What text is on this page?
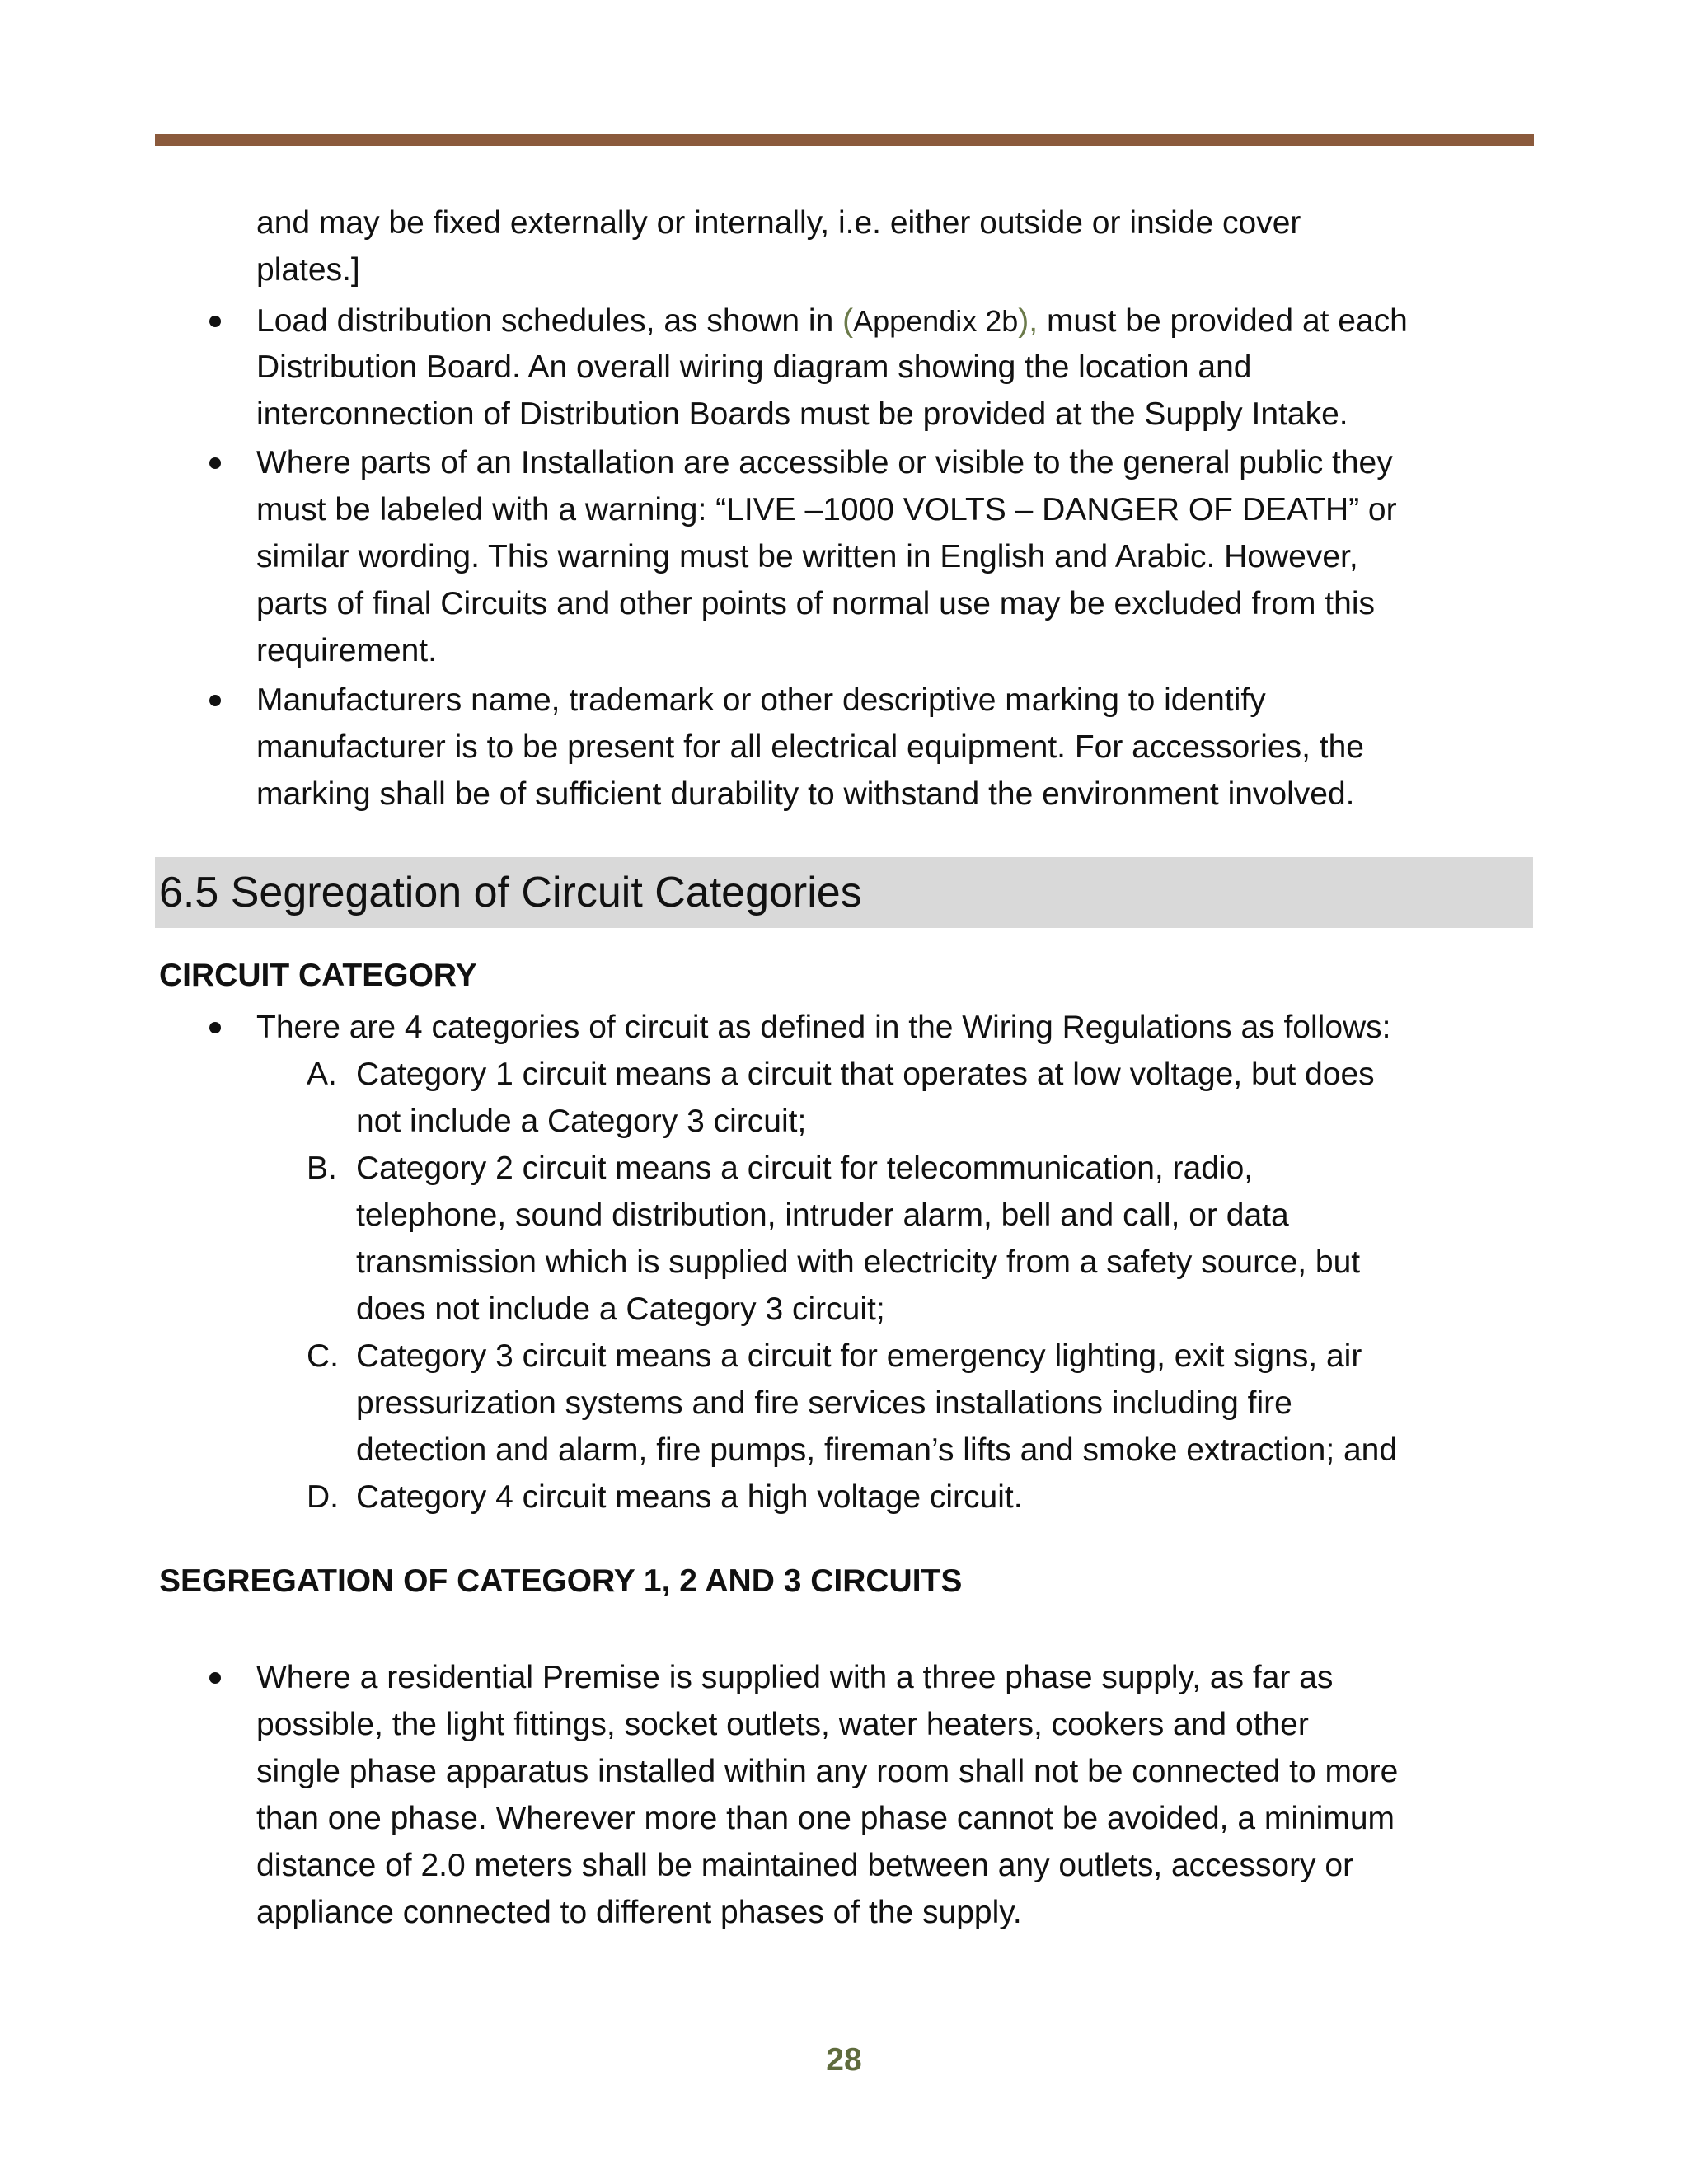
and may be fixed externally or internally, i.e. either outside or inside cover
plates.]
Load distribution schedules, as shown in (Appendix 2b), must be provided at each
Distribution Board. An overall wiring diagram showing the location and
interconnection of Distribution Boards must be provided at the Supply Intake.
Where parts of an Installation are accessible or visible to the general public they
must be labeled with a warning: “LIVE –1000 VOLTS – DANGER OF DEATH” or
similar wording. This warning must be written in English and Arabic. However,
parts of final Circuits and other points of normal use may be excluded from this
requirement.
Manufacturers name, trademark or other descriptive marking to identify
manufacturer is to be present for all electrical equipment. For accessories, the
marking shall be of sufficient durability to withstand the environment involved.
6.5 Segregation of Circuit Categories
CIRCUIT CATEGORY
There are 4 categories of circuit as defined in the Wiring Regulations as follows:
A. Category 1 circuit means a circuit that operates at low voltage, but does
not include a Category 3 circuit;
B. Category 2 circuit means a circuit for telecommunication, radio,
telephone, sound distribution, intruder alarm, bell and call, or data
transmission which is supplied with electricity from a safety source, but
does not include a Category 3 circuit;
C. Category 3 circuit means a circuit for emergency lighting, exit signs, air
pressurization systems and fire services installations including fire
detection and alarm, fire pumps, fireman’s lifts and smoke extraction; and
D. Category 4 circuit means a high voltage circuit.
SEGREGATION OF CATEGORY 1, 2 AND 3 CIRCUITS
Where a residential Premise is supplied with a three phase supply, as far as
possible, the light fittings, socket outlets, water heaters, cookers and other
single phase apparatus installed within any room shall not be connected to more
than one phase. Wherever more than one phase cannot be avoided, a minimum
distance of 2.0 meters shall be maintained between any outlets, accessory or
appliance connected to different phases of the supply.
28
